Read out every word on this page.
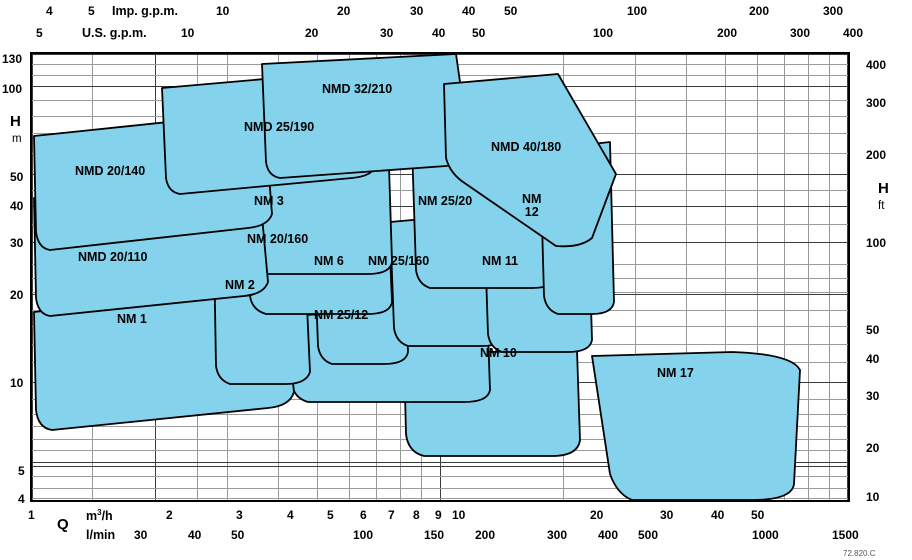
Imp. g.p.m.
U.S. g.p.m.
4	5	10	20	30	40 50	100	200	300
5	10	20	30	40 50	100	200	300	400
130
100
50
40
30
20
10
5
4
H
m
400
300
200
100
50
40
30
20
10
H
ft
Q $m^3/h$
l/min
1	2	3	4	5 6 7 8 9 10	20	30	40 50
30	40 50	100	150	200	300	400 500	1000	1500
72.820.C
NMD 32/210
NMD 25/190
NMD 40/180
NMD 20/140
NMD 20/110
NM 3	NM 25/20	NM
12
NM 20/160
NM 6 NM 25/160	NM 11
NM 2
NM 1	NM 25/12
NM 10
NM 17
